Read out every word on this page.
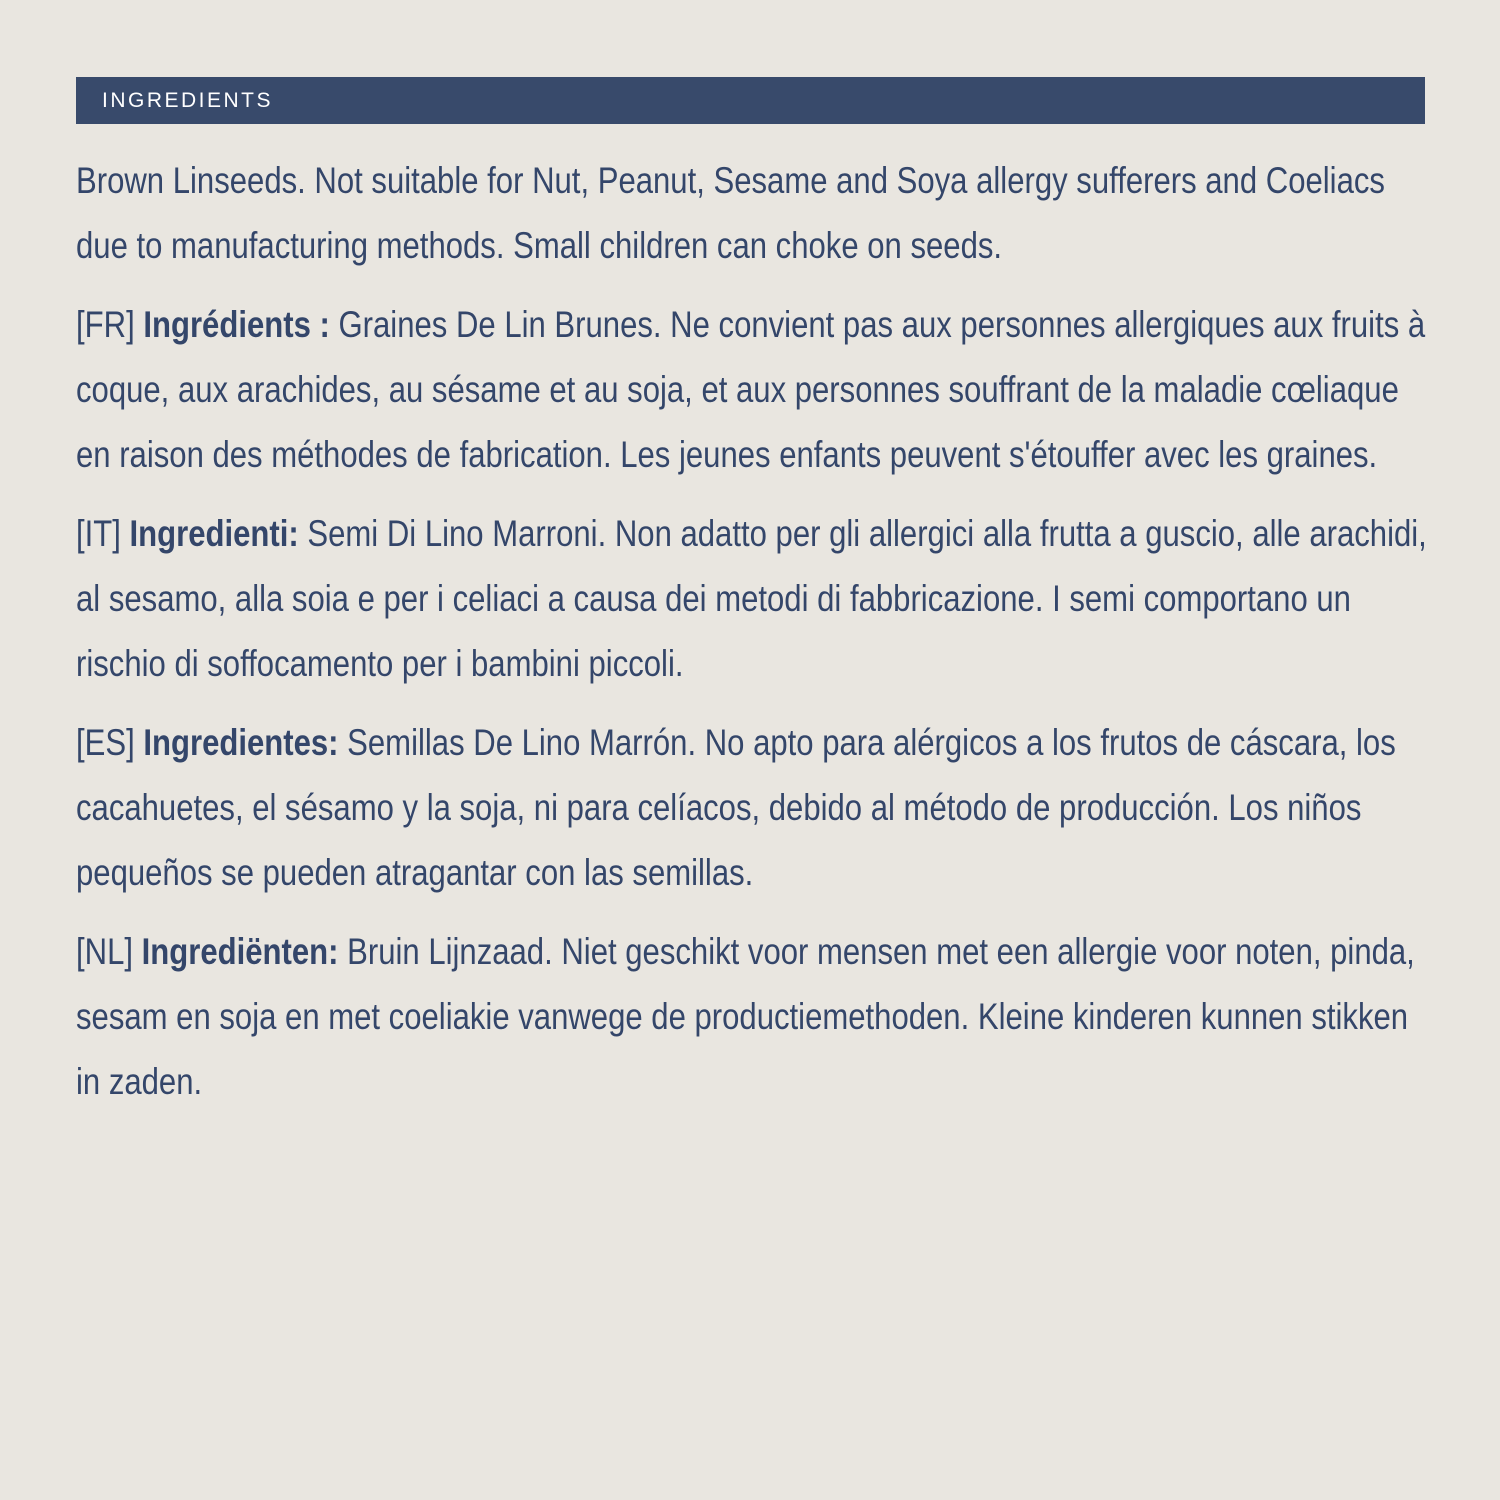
INGREDIENTS

Brown Linseeds. Not suitable for Nut, Peanut, Sesame and Soya allergy sufferers and Coeliacs due to manufacturing methods. Small children can choke on seeds.

[FR] Ingrédients : Graines De Lin Brunes. Ne convient pas aux personnes allergiques aux fruits à coque, aux arachides, au sésame et au soja, et aux personnes souffrant de la maladie cœliaque en raison des méthodes de fabrication. Les jeunes enfants peuvent s'étouffer avec les graines.

[IT] Ingredienti: Semi Di Lino Marroni. Non adatto per gli allergici alla frutta a guscio, alle arachidi, al sesamo, alla soia e per i celiaci a causa dei metodi di fabbricazione. I semi comportano un rischio di soffocamento per i bambini piccoli.

[ES] Ingredientes: Semillas De Lino Marrón. No apto para alérgicos a los frutos de cáscara, los cacahuetes, el sésamo y la soja, ni para celíacos, debido al método de producción. Los niños pequeños se pueden atragantar con las semillas.

[NL] Ingrediënten: Bruin Lijnzaad. Niet geschikt voor mensen met een allergie voor noten, pinda, sesam en soja en met coeliakie vanwege de productiemethoden. Kleine kinderen kunnen stikken in zaden.
